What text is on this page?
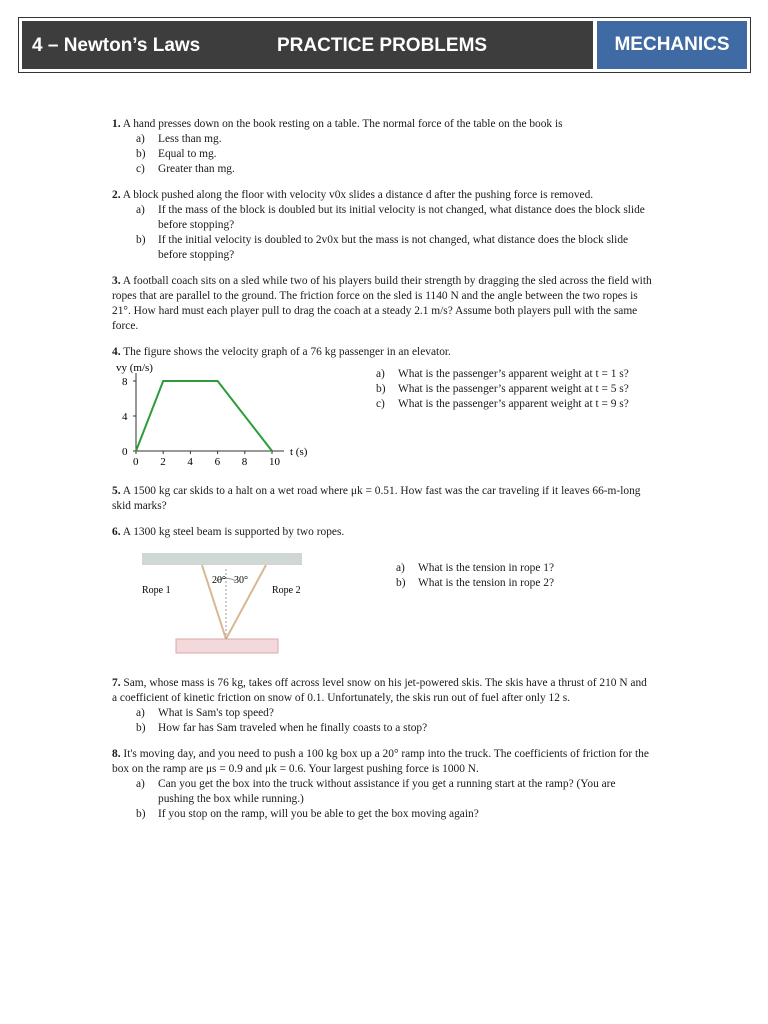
4 – Newton’s Laws	PRACTICE PROBLEMS	MECHANICS

1. A hand presses down on the book resting on a table. The normal force of the table on the book is

a) Less than mg.
b) Equal to mg.
c) Greater than mg.

2. A block pushed along the floor with velocity v0x slides a distance d after the pushing force is removed.

a) If the mass of the block is doubled but its initial velocity is not changed, what distance does the block slide before stopping?
b) If the initial velocity is doubled to 2v0x but the mass is not changed, what distance does the block slide before stopping?

3. A football coach sits on a sled while two of his players build their strength by dragging the sled across the field with ropes that are parallel to the ground. The friction force on the sled is 1140 N and the angle between the two ropes is 21°. How hard must each player pull to drag the coach at a steady 2.1 m/s? Assume both players pull with the same force.

4. The figure shows the velocity graph of a 76 kg passenger in an elevator.

vy (m/s)
0 2 4 6 8 10
0
4
8
t (s)
a) What is the passenger’s apparent weight at t = 1 s?
b) What is the passenger’s apparent weight at t = 5 s?
c) What is the passenger’s apparent weight at t = 9 s?

5. A 1500 kg car skids to a halt on a wet road where μk = 0.51. How fast was the car traveling if it leaves 66-m-long skid marks?

6. A 1300 kg steel beam is supported by two ropes.

20° 30°
Rope 1	Rope 2
a) What is the tension in rope 1?
b) What is the tension in rope 2?

7. Sam, whose mass is 76 kg, takes off across level snow on his jet-powered skis. The skis have a thrust of 210 N and a coefficient of kinetic friction on snow of 0.1. Unfortunately, the skis run out of fuel after only 12 s.

a) What is Sam's top speed?
b) How far has Sam traveled when he finally coasts to a stop?

8. It's moving day, and you need to push a 100 kg box up a 20° ramp into the truck. The coefficients of friction for the box on the ramp are μs = 0.9 and μk = 0.6. Your largest pushing force is 1000 N.

a) Can you get the box into the truck without assistance if you get a running start at the ramp? (You are pushing the box while running.)
b) If you stop on the ramp, will you be able to get the box moving again?
